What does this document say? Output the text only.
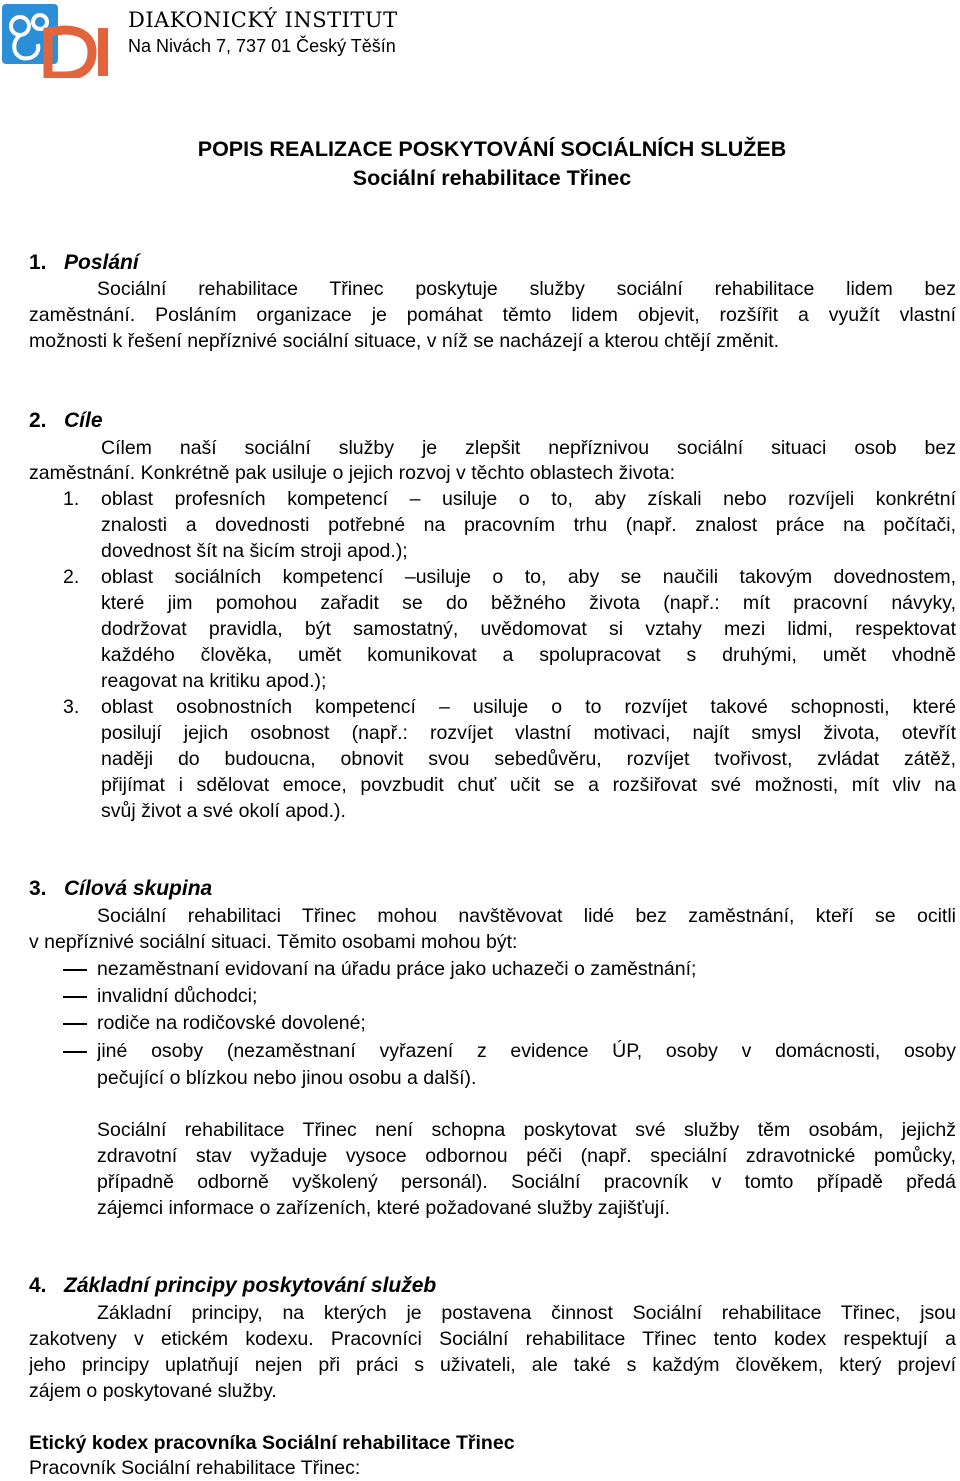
DIAKONICKÝ INSTITUT
Na Nivách 7, 737 01 Český Těšín
POPIS REALIZACE POSKYTOVÁNÍ SOCIÁLNÍCH SLUŽEB
Sociální rehabilitace Třinec
1. Poslání
Sociální rehabilitace Třinec poskytuje služby sociální rehabilitace lidem bez
zaměstnání. Posláním organizace je pomáhat těmto lidem objevit, rozšířit a využít vlastní
možnosti k řešení nepříznivé sociální situace, v níž se nacházejí a kterou chtějí změnit.
2. Cíle
Cílem naší sociální služby je zlepšit nepříznivou sociální situaci osob bez
zaměstnání. Konkrétně pak usiluje o jejich rozvoj v těchto oblastech života:
1. oblast profesních kompetencí – usiluje o to, aby získali nebo rozvíjeli konkrétní
znalosti a dovednosti potřebné na pracovním trhu (např. znalost práce na počítači,
dovednost šít na šicím stroji apod.);
2. oblast sociálních kompetencí –usiluje o to, aby se naučili takovým dovednostem,
které jim pomohou zařadit se do běžného života (např.: mít pracovní návyky,
dodržovat pravidla, být samostatný, uvědomovat si vztahy mezi lidmi, respektovat
každého člověka, umět komunikovat a spolupracovat s druhými, umět vhodně
reagovat na kritiku apod.);
3. oblast osobnostních kompetencí – usiluje o to rozvíjet takové schopnosti, které
posilují jejich osobnost (např.: rozvíjet vlastní motivaci, najít smysl života, otevřít
naději do budoucna, obnovit svou sebedůvěru, rozvíjet tvořivost, zvládat zátěž,
přijímat i sdělovat emoce, povzbudit chuť učit se a rozšiřovat své možnosti, mít vliv na
svůj život a své okolí apod.).
3. Cílová skupina
Sociální rehabilitaci Třinec mohou navštěvovat lidé bez zaměstnání, kteří se ocitli
v nepříznivé sociální situaci. Těmito osobami mohou být:
nezaměstnaní evidovaní na úřadu práce jako uchazeči o zaměstnání;
invalidní důchodci;
rodiče na rodičovské dovolené;
jiné osoby (nezaměstnaní vyřazení z evidence ÚP, osoby v domácnosti, osoby
pečující o blízkou nebo jinou osobu a další).
Sociální rehabilitace Třinec není schopna poskytovat své služby těm osobám, jejichž
zdravotní stav vyžaduje vysoce odbornou péči (např. speciální zdravotnické pomůcky,
případně odborně vyškolený personál). Sociální pracovník v tomto případě předá
zájemci informace o zařízeních, které požadované služby zajišťují.
4. Základní principy poskytování služeb
Základní principy, na kterých je postavena činnost Sociální rehabilitace Třinec, jsou
zakotveny v etickém kodexu. Pracovníci Sociální rehabilitace Třinec tento kodex respektují a
jeho principy uplatňují nejen při práci s uživateli, ale také s každým člověkem, který projeví
zájem o poskytované služby.
Etický kodex pracovníka Sociální rehabilitace Třinec
Pracovník Sociální rehabilitace Třinec:
